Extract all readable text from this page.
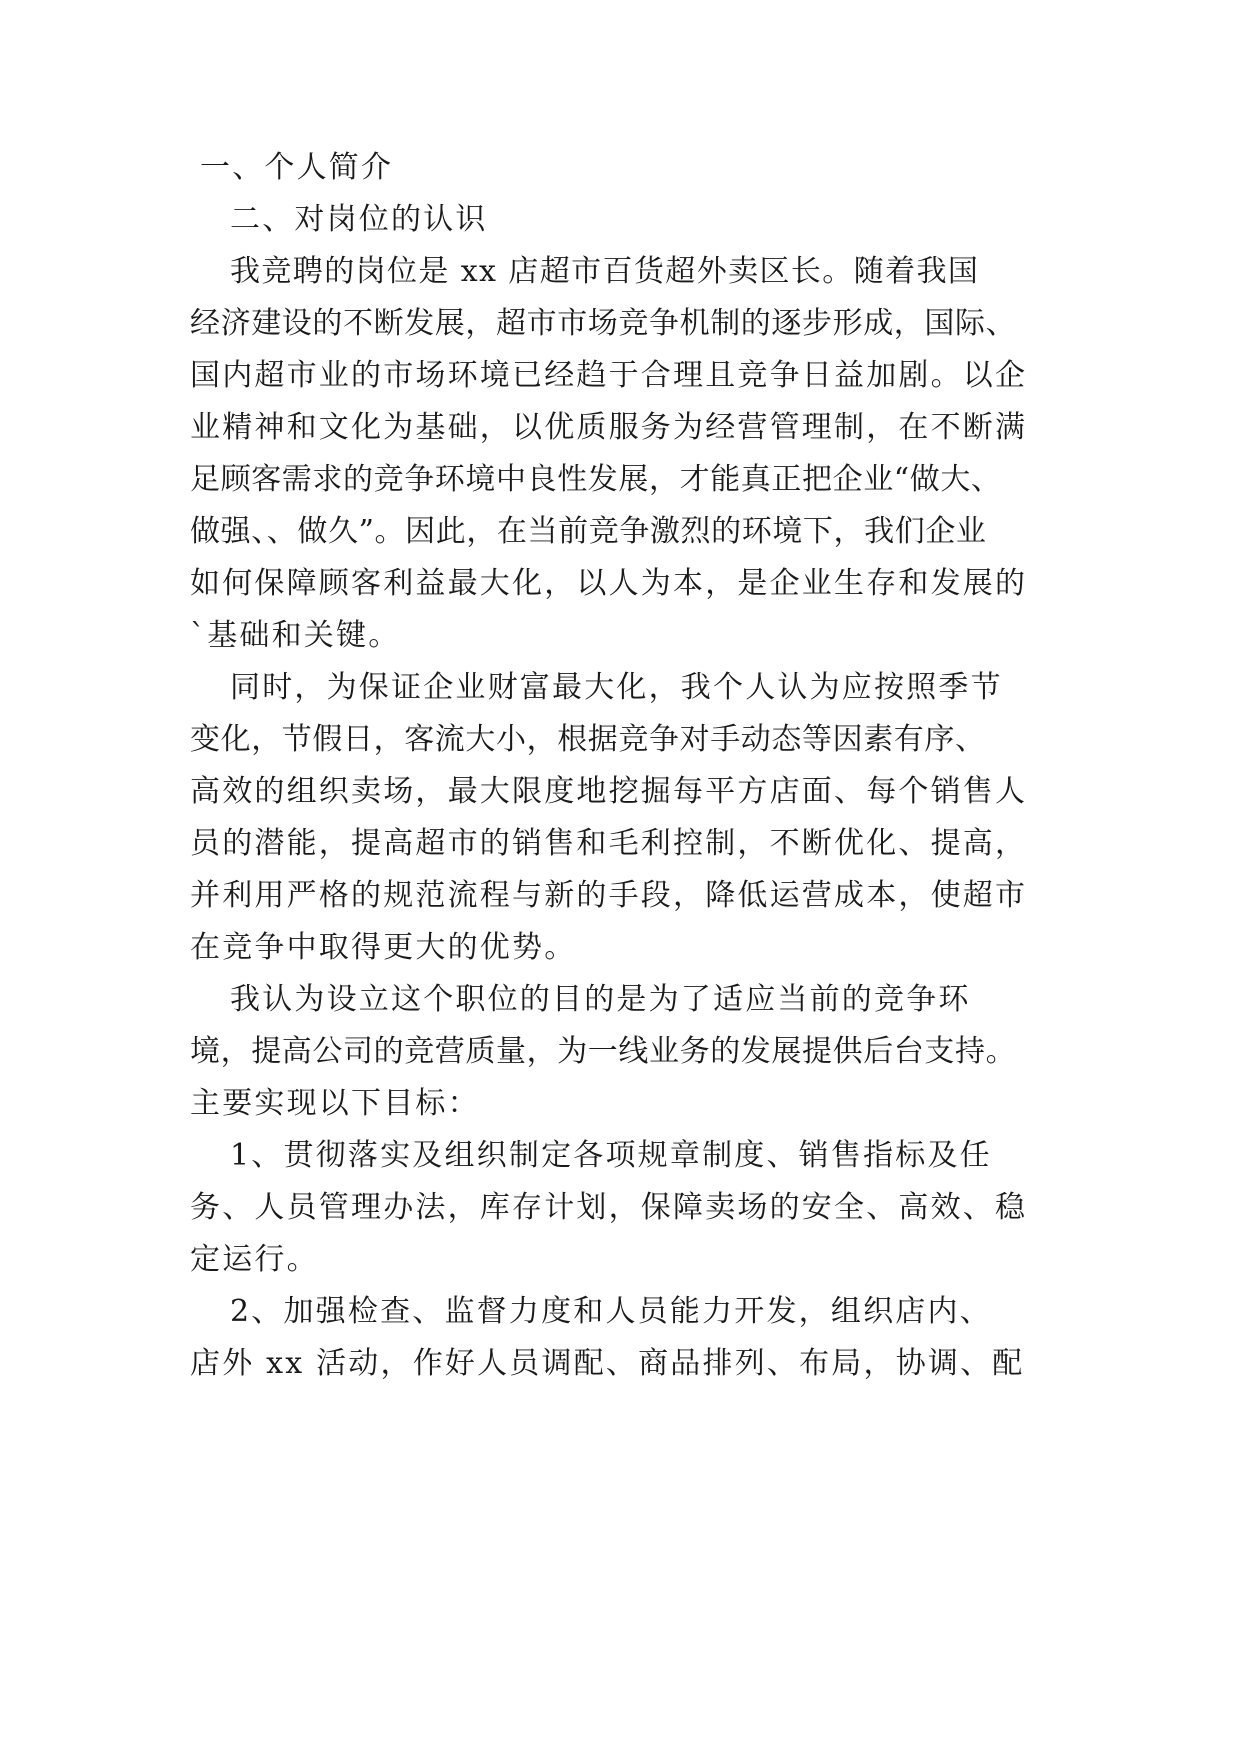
一、个人简介

二、对岗位的认识

我竞聘的岗位是 xx 店超市百货超外卖区长。随着我国

经济建设的不断发展，超市市场竞争机制的逐步形成，国际、

国内超市业的市场环境已经趋于合理且竞争日益加剧。以企

业精神和文化为基础，以优质服务为经营管理制，在不断满

足顾客需求的竞争环境中良性发展，才能真正把企业“做大、

做强、、做久”。因此，在当前竞争激烈的环境下，我们企业

如何保障顾客利益最大化，以人为本，是企业生存和发展的

`基础和关键。

同时，为保证企业财富最大化，我个人认为应按照季节

变化，节假日，客流大小，根据竞争对手动态等因素有序、

高效的组织卖场，最大限度地挖掘每平方店面、每个销售人

员的潜能，提高超市的销售和毛利控制，不断优化、提高，

并利用严格的规范流程与新的手段，降低运营成本，使超市

在竞争中取得更大的优势。

我认为设立这个职位的目的是为了适应当前的竞争环

境，提高公司的竞营质量，为一线业务的发展提供后台支持。

主要实现以下目标：

1、贯彻落实及组织制定各项规章制度、销售指标及任

务、人员管理办法，库存计划，保障卖场的安全、高效、稳

定运行。

2、加强检查、监督力度和人员能力开发，组织店内、

店外 xx 活动，作好人员调配、商品排列、布局，协调、配
